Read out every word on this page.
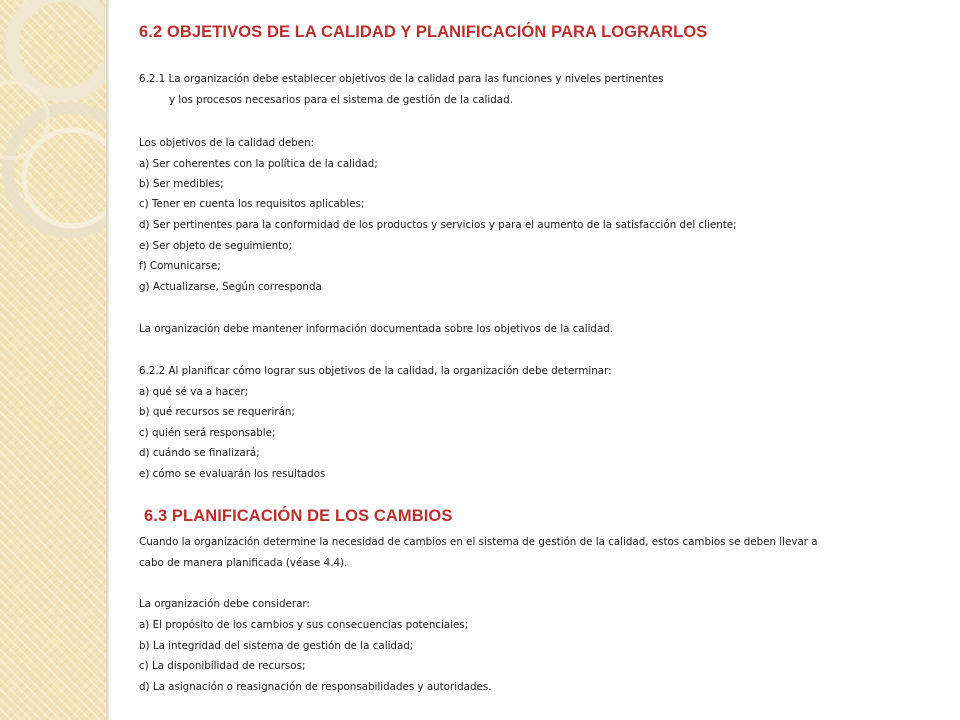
6.2 OBJETIVOS DE LA CALIDAD Y PLANIFICACIÓN PARA LOGRARLOS

6.2.1 La organización debe establecer objetivos de la calidad para las funciones y niveles pertinentes

y los procesos necesarios para el sistema de gestión de la calidad.

Los objetivos de la calidad deben:

a) Ser coherentes con la política de la calidad;

b) Ser medibles;

c) Tener en cuenta los requisitos aplicables;

d) Ser pertinentes para la conformidad de los productos y servicios y para el aumento de la satisfacción del cliente;

e) Ser objeto de seguimiento;

f) Comunicarse;

g) Actualizarse, Según corresponda

La organización debe mantener información documentada sobre los objetivos de la calidad.

6.2.2 Al planificar cómo lograr sus objetivos de la calidad, la organización debe determinar:

a) qué sé va a hacer;

b) qué recursos se requerirán;

c) quién será responsable;

d) cuándo se finalizará;

e) cómo se evaluarán los resultados

6.3 PLANIFICACIÓN DE LOS CAMBIOS

Cuando la organización determine la necesidad de cambios en el sistema de gestión de la calidad, estos cambios se deben llevar a

cabo de manera planificada (véase 4.4).

La organización debe considerar:

a) El propósito de los cambios y sus consecuencias potenciales;

b) La integridad del sistema de gestión de la calidad;

c) La disponibilidad de recursos;

d) La asignación o reasignación de responsabilidades y autoridades.
